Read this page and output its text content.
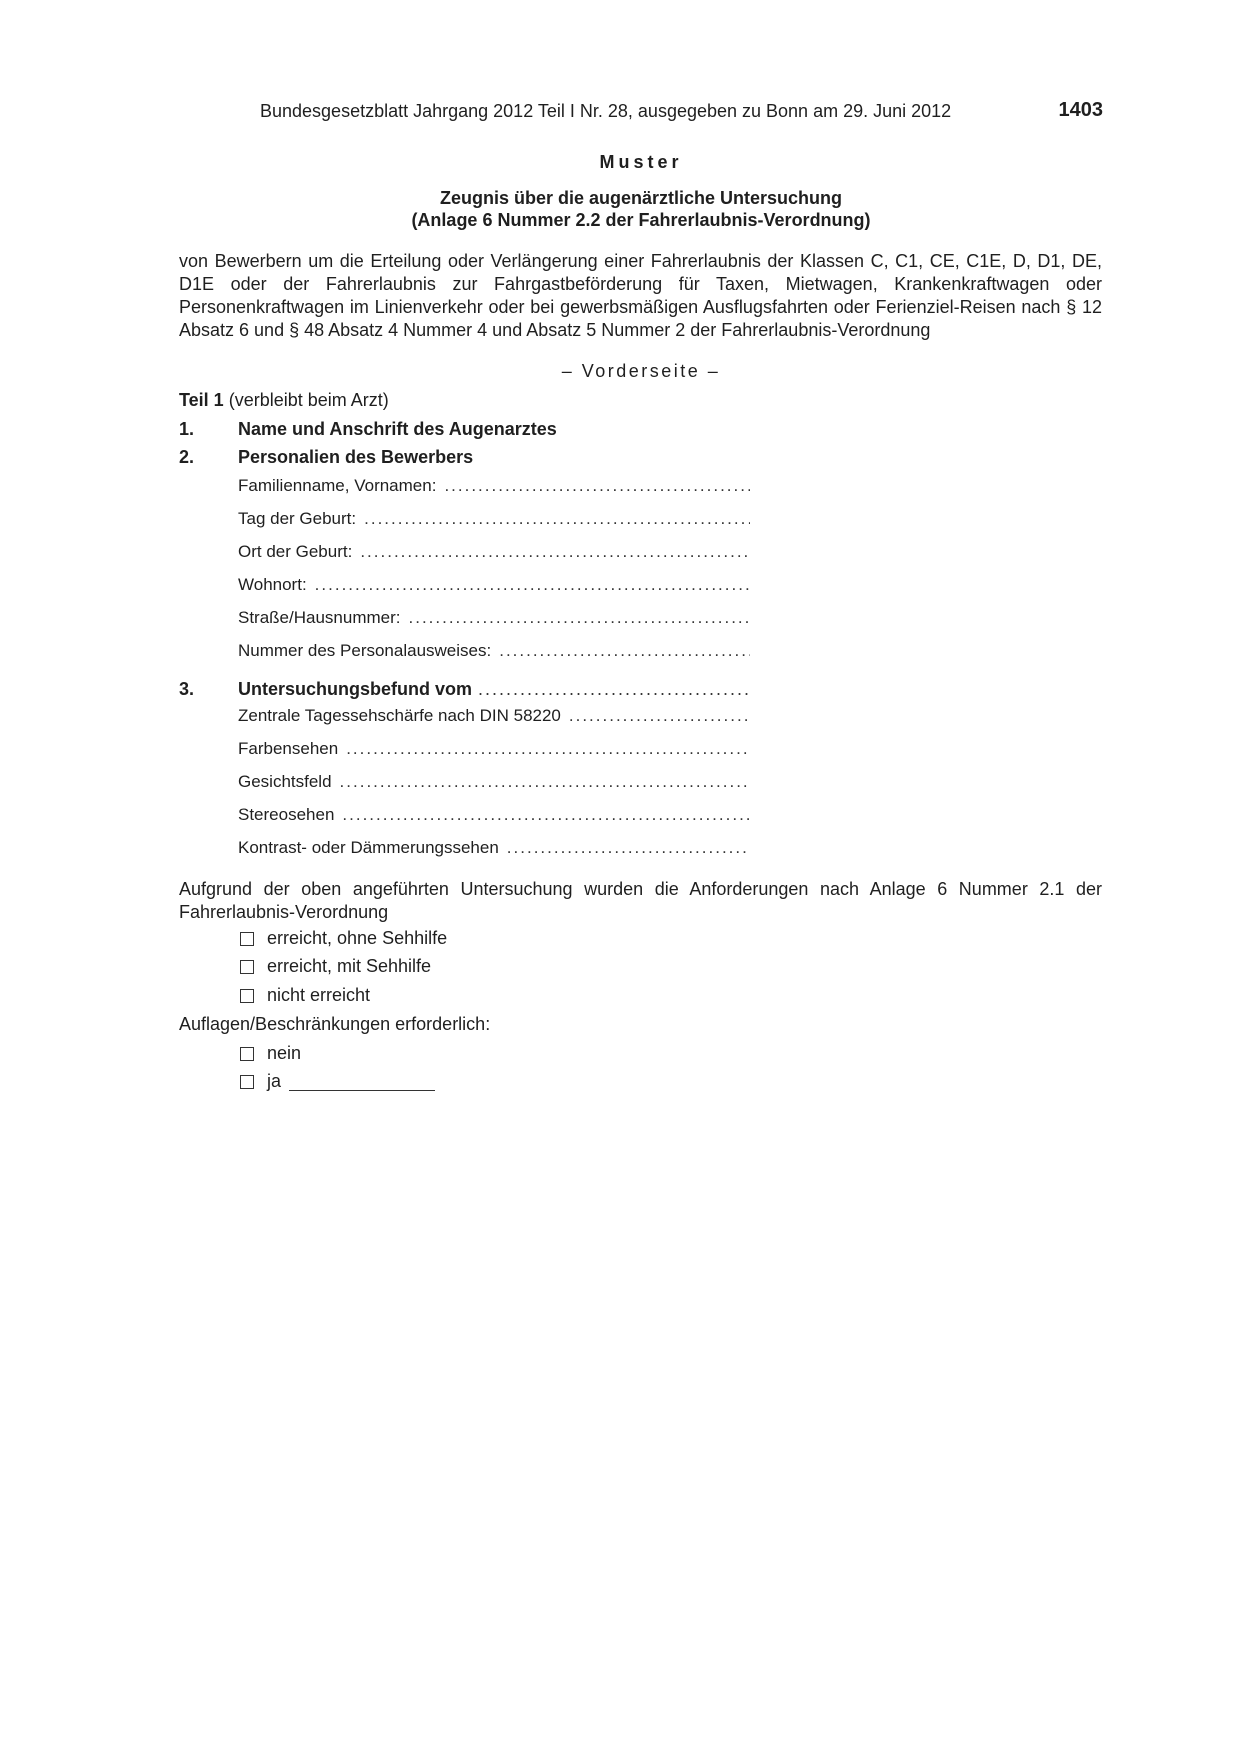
Bundesgesetzblatt Jahrgang 2012 Teil I Nr. 28, ausgegeben zu Bonn am 29. Juni 2012	1403
Muster
Zeugnis über die augenärztliche Untersuchung
(Anlage 6 Nummer 2.2 der Fahrerlaubnis-Verordnung)
von Bewerbern um die Erteilung oder Verlängerung einer Fahrerlaubnis der Klassen C, C1, CE, C1E, D, D1, DE, D1E oder der Fahrerlaubnis zur Fahrgastbeförderung für Taxen, Mietwagen, Krankenkraftwagen oder Personenkraftwagen im Linienverkehr oder bei gewerbsmäßigen Ausflugsfahrten oder Ferienziel-Reisen nach § 12 Absatz 6 und § 48 Absatz 4 Nummer 4 und Absatz 5 Nummer 2 der Fahrerlaubnis-Verordnung
– Vorderseite –
Teil 1 (verbleibt beim Arzt)
1. Name und Anschrift des Augenarztes
2. Personalien des Bewerbers
Familienname, Vornamen:
.....
Tag der Geburt:
.....
Ort der Geburt:
.....
Wohnort:
.....
Straße/Hausnummer:
.....
Nummer des Personalausweises:
.....
3. Untersuchungsbefund vom
.....
Zentrale Tagessehschärfe nach DIN 58220
.....
Farbensehen
.....
Gesichtsfeld
.....
Stereosehen
.....
Kontrast- oder Dämmerungssehen
.....
Aufgrund der oben angeführten Untersuchung wurden die Anforderungen nach Anlage 6 Nummer 2.1 der Fahrerlaubnis-Verordnung
erreicht, ohne Sehhilfe
erreicht, mit Sehhilfe
nicht erreicht
Auflagen/Beschränkungen erforderlich:
nein
ja
